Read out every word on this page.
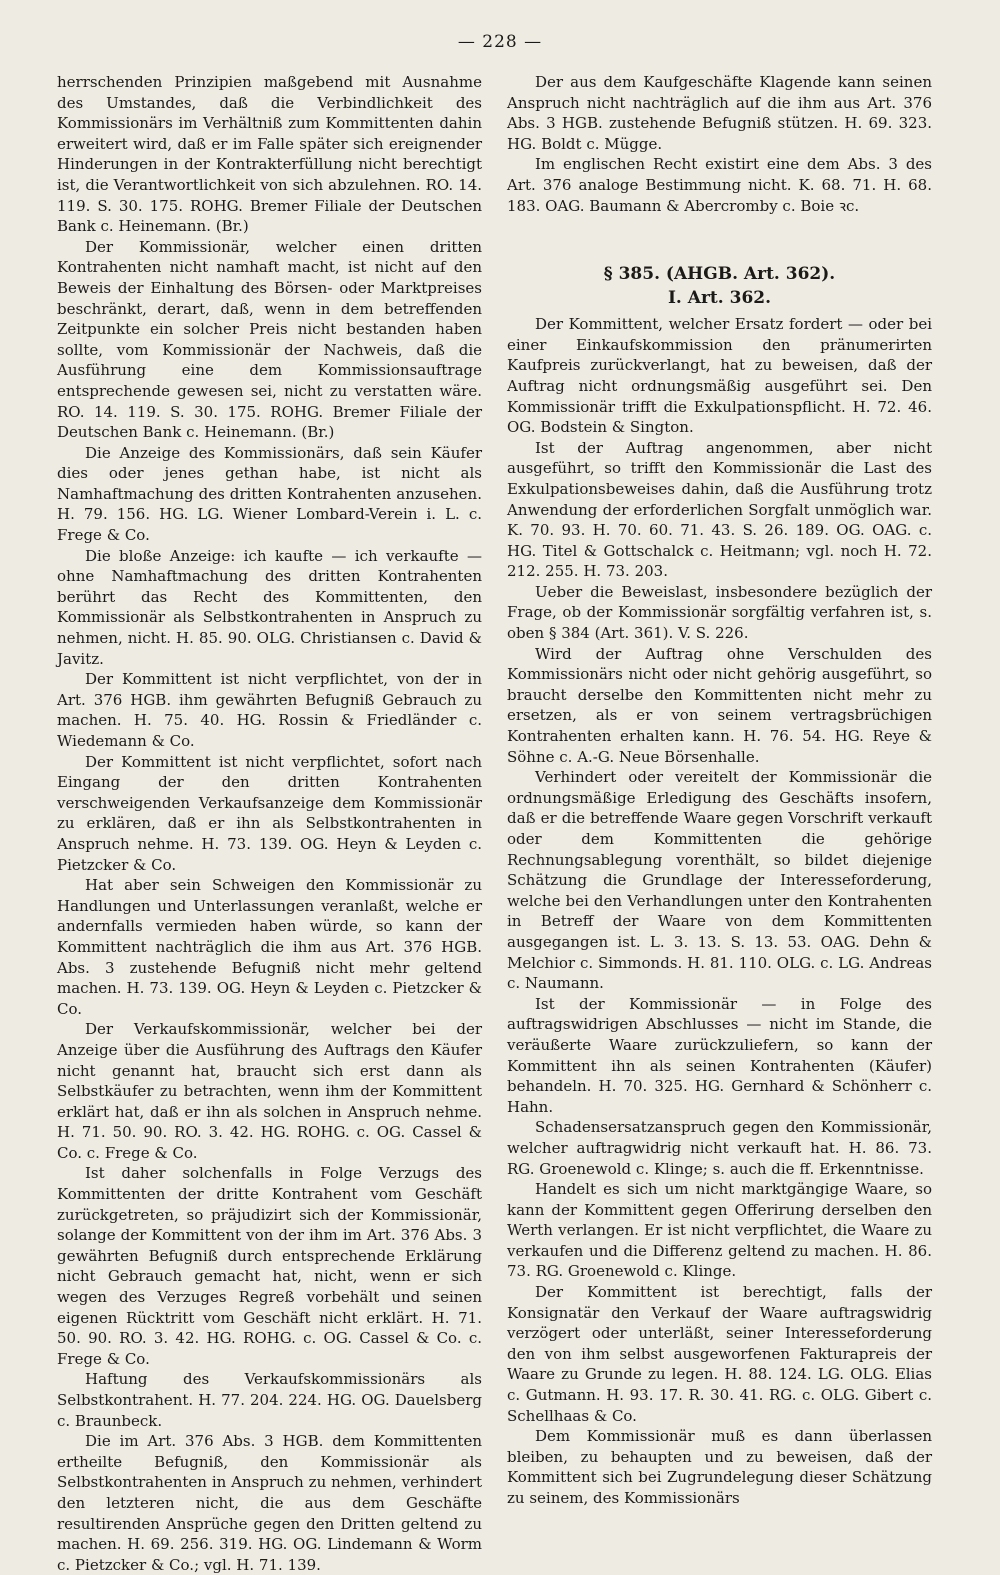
— 228 —

herrschenden Prinzipien maßgebend mit Ausnahme des Umstandes, daß die Verbindlichkeit des Kommissionärs im Verhältniß zum Kommittenten dahin erweitert wird, daß er im Falle später sich ereignender Hinderungen in der Kontrakterfüllung nicht berechtigt ist, die Verantwortlichkeit von sich abzulehnen. RO. 14. 119. S. 30. 175. ROHG. Bremer Filiale der Deutschen Bank c. Heinemann. (Br.)

Der Kommissionär, welcher einen dritten Kontrahenten nicht namhaft macht, ist nicht auf den Beweis der Einhaltung des Börsen- oder Marktpreises beschränkt, derart, daß, wenn in dem betreffenden Zeitpunkte ein solcher Preis nicht bestanden haben sollte, vom Kommissionär der Nachweis, daß die Ausführung eine dem Kommissionsauftrage entsprechende gewesen sei, nicht zu verstatten wäre. RO. 14. 119. S. 30. 175. ROHG. Bremer Filiale der Deutschen Bank c. Heinemann. (Br.)

Die Anzeige des Kommissionärs, daß sein Käufer dies oder jenes gethan habe, ist nicht als Namhaftmachung des dritten Kontrahenten anzusehen. H. 79. 156. HG. LG. Wiener Lombard-Verein i. L. c. Frege & Co.

Die bloße Anzeige: ich kaufte — ich verkaufte — ohne Namhaftmachung des dritten Kontrahenten berührt das Recht des Kommittenten, den Kommissionär als Selbstkontrahenten in Anspruch zu nehmen, nicht. H. 85. 90. OLG. Christiansen c. David & Javitz.

Der Kommittent ist nicht verpflichtet, von der in Art. 376 HGB. ihm gewährten Befugniß Gebrauch zu machen. H. 75. 40. HG. Rossin & Friedländer c. Wiedemann & Co.

Der Kommittent ist nicht verpflichtet, sofort nach Eingang der den dritten Kontrahenten verschweigenden Verkaufsanzeige dem Kommissionär zu erklären, daß er ihn als Selbstkontrahenten in Anspruch nehme. H. 73. 139. OG. Heyn & Leyden c. Pietzcker & Co.

Hat aber sein Schweigen den Kommissionär zu Handlungen und Unterlassungen veranlaßt, welche er andernfalls vermieden haben würde, so kann der Kommittent nachträglich die ihm aus Art. 376 HGB. Abs. 3 zustehende Befugniß nicht mehr geltend machen. H. 73. 139. OG. Heyn & Leyden c. Pietzcker & Co.

Der Verkaufskommissionär, welcher bei der Anzeige über die Ausführung des Auftrags den Käufer nicht genannt hat, braucht sich erst dann als Selbstkäufer zu betrachten, wenn ihm der Kommittent erklärt hat, daß er ihn als solchen in Anspruch nehme. H. 71. 50. 90. RO. 3. 42. HG. ROHG. c. OG. Cassel & Co. c. Frege & Co.

Ist daher solchenfalls in Folge Verzugs des Kommittenten der dritte Kontrahent vom Geschäft zurückgetreten, so präjudizirt sich der Kommissionär, solange der Kommittent von der ihm im Art. 376 Abs. 3 gewährten Befugniß durch entsprechende Erklärung nicht Gebrauch gemacht hat, nicht, wenn er sich wegen des Verzuges Regreß vorbehält und seinen eigenen Rücktritt vom Geschäft nicht erklärt. H. 71. 50. 90. RO. 3. 42. HG. ROHG. c. OG. Cassel & Co. c. Frege & Co.

Haftung des Verkaufskommissionärs als Selbstkontrahent. H. 77. 204. 224. HG. OG. Dauelsberg c. Braunbeck.

Die im Art. 376 Abs. 3 HGB. dem Kommittenten ertheilte Befugniß, den Kommissionär als Selbstkontrahenten in Anspruch zu nehmen, verhindert den letzteren nicht, die aus dem Geschäfte resultirenden Ansprüche gegen den Dritten geltend zu machen. H. 69. 256. 319. HG. OG. Lindemann & Worm c. Pietzcker & Co.; vgl. H. 71. 139.

Der aus dem Kaufgeschäfte Klagende kann seinen Anspruch nicht nachträglich auf die ihm aus Art. 376 Abs. 3 HGB. zustehende Befugniß stützen. H. 69. 323. HG. Boldt c. Mügge.

Im englischen Recht existirt eine dem Abs. 3 des Art. 376 analoge Bestimmung nicht. K. 68. 71. H. 68. 183. OAG. Baumann & Abercromby c. Boie ꝛc.

§ 385. (AHGB. Art. 362).
I. Art. 362.

Der Kommittent, welcher Ersatz fordert — oder bei einer Einkaufskommission den pränumerirten Kaufpreis zurückverlangt, hat zu beweisen, daß der Auftrag nicht ordnungsmäßig ausgeführt sei. Den Kommissionär trifft die Exkulpationspflicht. H. 72. 46. OG. Bodstein & Sington.

Ist der Auftrag angenommen, aber nicht ausgeführt, so trifft den Kommissionär die Last des Exkulpationsbeweises dahin, daß die Ausführung trotz Anwendung der erforderlichen Sorgfalt unmöglich war. K. 70. 93. H. 70. 60. 71. 43. S. 26. 189. OG. OAG. c. HG. Titel & Gottschalck c. Heitmann; vgl. noch H. 72. 212. 255. H. 73. 203.

Ueber die Beweislast, insbesondere bezüglich der Frage, ob der Kommissionär sorgfältig verfahren ist, s. oben § 384 (Art. 361). V. S. 226.

Wird der Auftrag ohne Verschulden des Kommissionärs nicht oder nicht gehörig ausgeführt, so braucht derselbe den Kommittenten nicht mehr zu ersetzen, als er von seinem vertragsbrüchigen Kontrahenten erhalten kann. H. 76. 54. HG. Reye & Söhne c. A.-G. Neue Börsenhalle.

Verhindert oder vereitelt der Kommissionär die ordnungsmäßige Erledigung des Geschäfts insofern, daß er die betreffende Waare gegen Vorschrift verkauft oder dem Kommittenten die gehörige Rechnungsablegung vorenthält, so bildet diejenige Schätzung die Grundlage der Interesseforderung, welche bei den Verhandlungen unter den Kontrahenten in Betreff der Waare von dem Kommittenten ausgegangen ist. L. 3. 13. S. 13. 53. OAG. Dehn & Melchior c. Simmonds. H. 81. 110. OLG. c. LG. Andreas c. Naumann.

Ist der Kommissionär — in Folge des auftragswidrigen Abschlusses — nicht im Stande, die veräußerte Waare zurückzuliefern, so kann der Kommittent ihn als seinen Kontrahenten (Käufer) behandeln. H. 70. 325. HG. Gernhard & Schönherr c. Hahn.

Schadensersatzanspruch gegen den Kommissionär, welcher auftragwidrig nicht verkauft hat. H. 86. 73. RG. Groenewold c. Klinge; s. auch die ff. Erkenntnisse.

Handelt es sich um nicht marktgängige Waare, so kann der Kommittent gegen Offerirung derselben den Werth verlangen. Er ist nicht verpflichtet, die Waare zu verkaufen und die Differenz geltend zu machen. H. 86. 73. RG. Groenewold c. Klinge.

Der Kommittent ist berechtigt, falls der Konsignatär den Verkauf der Waare auftragswidrig verzögert oder unterläßt, seiner Interesseforderung den von ihm selbst ausgeworfenen Fakturapreis der Waare zu Grunde zu legen. H. 88. 124. LG. OLG. Elias c. Gutmann. H. 93. 17. R. 30. 41. RG. c. OLG. Gibert c. Schellhaas & Co.

Dem Kommissionär muß es dann überlassen bleiben, zu behaupten und zu beweisen, daß der Kommittent sich bei Zugrundelegung dieser Schätzung zu seinem, des Kommissionärs
